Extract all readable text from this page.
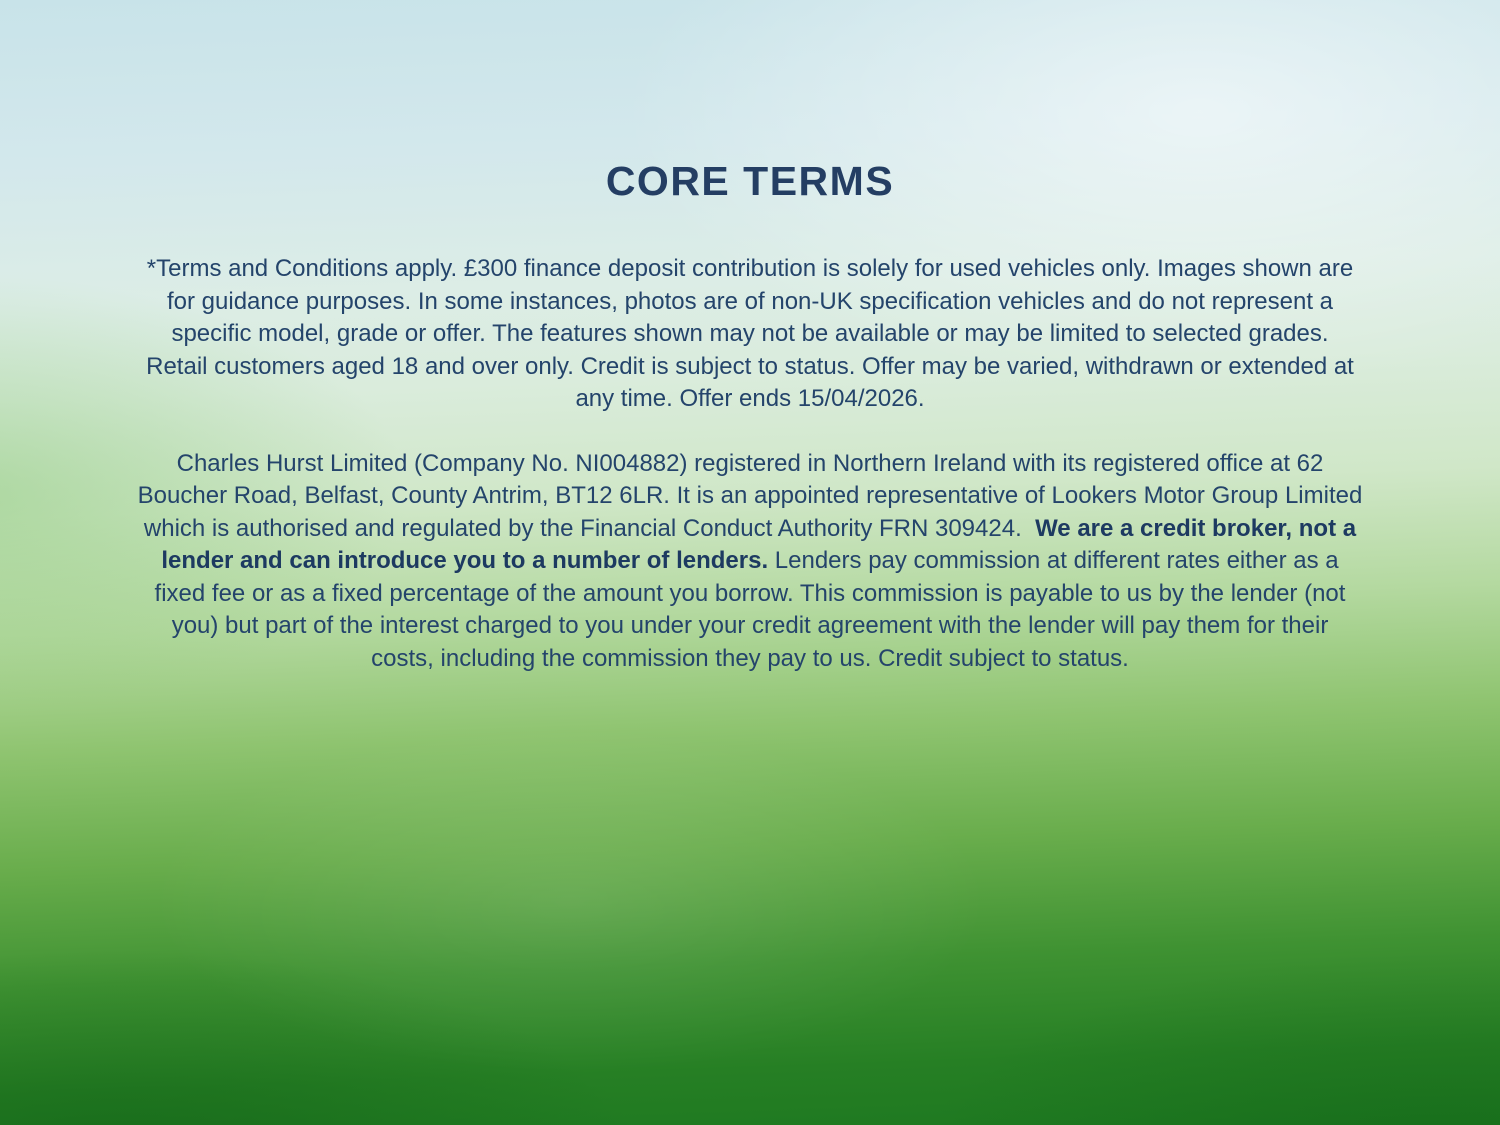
CORE TERMS

*Terms and Conditions apply. £300 finance deposit contribution is solely for used vehicles only. Images shown are for guidance purposes. In some instances, photos are of non-UK specification vehicles and do not represent a specific model, grade or offer. The features shown may not be available or may be limited to selected grades. Retail customers aged 18 and over only. Credit is subject to status. Offer may be varied, withdrawn or extended at any time. Offer ends 15/04/2026.

Charles Hurst Limited (Company No. NI004882) registered in Northern Ireland with its registered office at 62 Boucher Road, Belfast, County Antrim, BT12 6LR. It is an appointed representative of Lookers Motor Group Limited which is authorised and regulated by the Financial Conduct Authority FRN 309424.  We are a credit broker, not a lender and can introduce you to a number of lenders. Lenders pay commission at different rates either as a fixed fee or as a fixed percentage of the amount you borrow. This commission is payable to us by the lender (not you) but part of the interest charged to you under your credit agreement with the lender will pay them for their costs, including the commission they pay to us. Credit subject to status.
